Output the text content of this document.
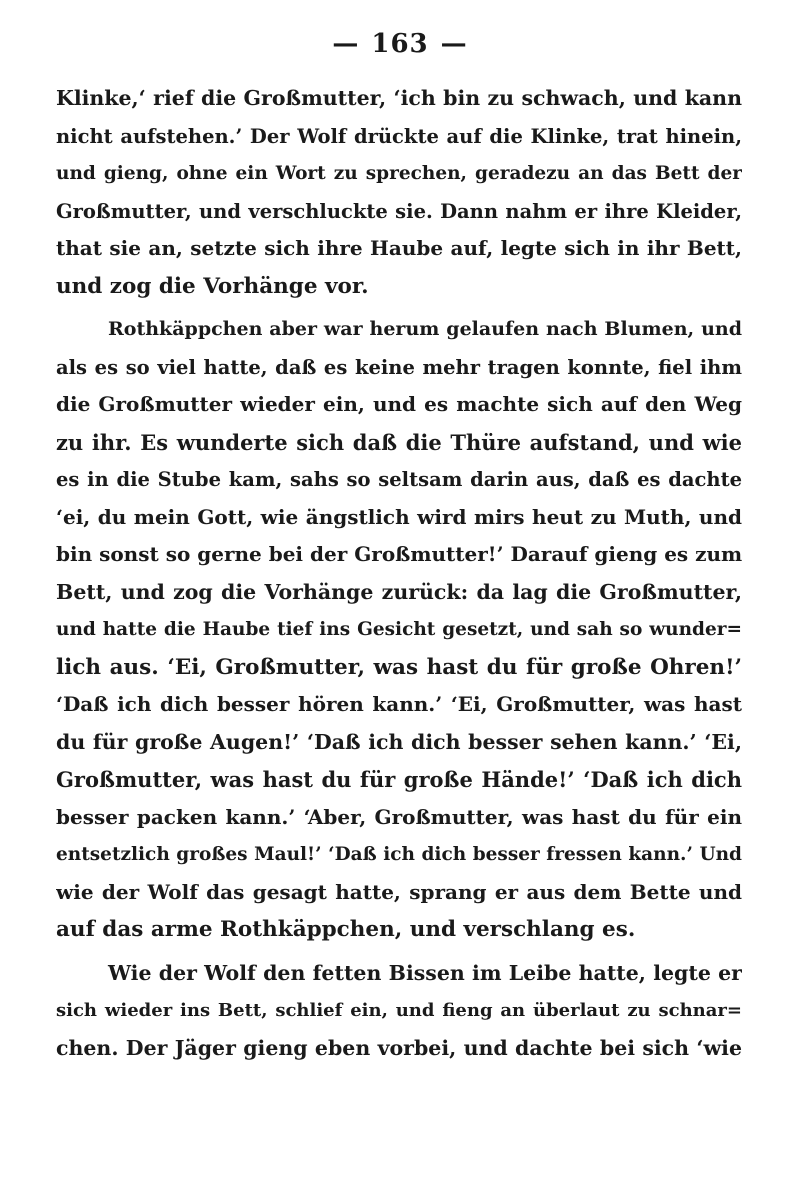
— 163 —
Klinke,‘ rief die Großmutter, ‘ich bin zu schwach, und kann
nicht aufstehen.’ Der Wolf drückte auf die Klinke, trat hinein,
und gieng, ohne ein Wort zu sprechen, geradezu an das Bett der
Großmutter, und verschluckte sie. Dann nahm er ihre Kleider,
that sie an, setzte sich ihre Haube auf, legte sich in ihr Bett,
und zog die Vorhänge vor.
Rothkäppchen aber war herum gelaufen nach Blumen, und
als es so viel hatte, daß es keine mehr tragen konnte, fiel ihm
die Großmutter wieder ein, und es machte sich auf den Weg
zu ihr. Es wunderte sich daß die Thüre aufstand, und wie
es in die Stube kam, sahs so seltsam darin aus, daß es dachte
‘ei, du mein Gott, wie ängstlich wird mirs heut zu Muth, und
bin sonst so gerne bei der Großmutter!’ Darauf gieng es zum
Bett, und zog die Vorhänge zurück: da lag die Großmutter,
und hatte die Haube tief ins Gesicht gesetzt, und sah so wunder=
lich aus. ‘Ei, Großmutter, was hast du für große Ohren!’
‘Daß ich dich besser hören kann.’ ‘Ei, Großmutter, was hast
du für große Augen!’ ‘Daß ich dich besser sehen kann.’ ‘Ei,
Großmutter, was hast du für große Hände!’ ‘Daß ich dich
besser packen kann.’ ‘Aber, Großmutter, was hast du für ein
entsetzlich großes Maul!’ ‘Daß ich dich besser fressen kann.’ Und
wie der Wolf das gesagt hatte, sprang er aus dem Bette und
auf das arme Rothkäppchen, und verschlang es.
Wie der Wolf den fetten Bissen im Leibe hatte, legte er
sich wieder ins Bett, schlief ein, und fieng an überlaut zu schnar=
chen. Der Jäger gieng eben vorbei, und dachte bei sich ‘wie
